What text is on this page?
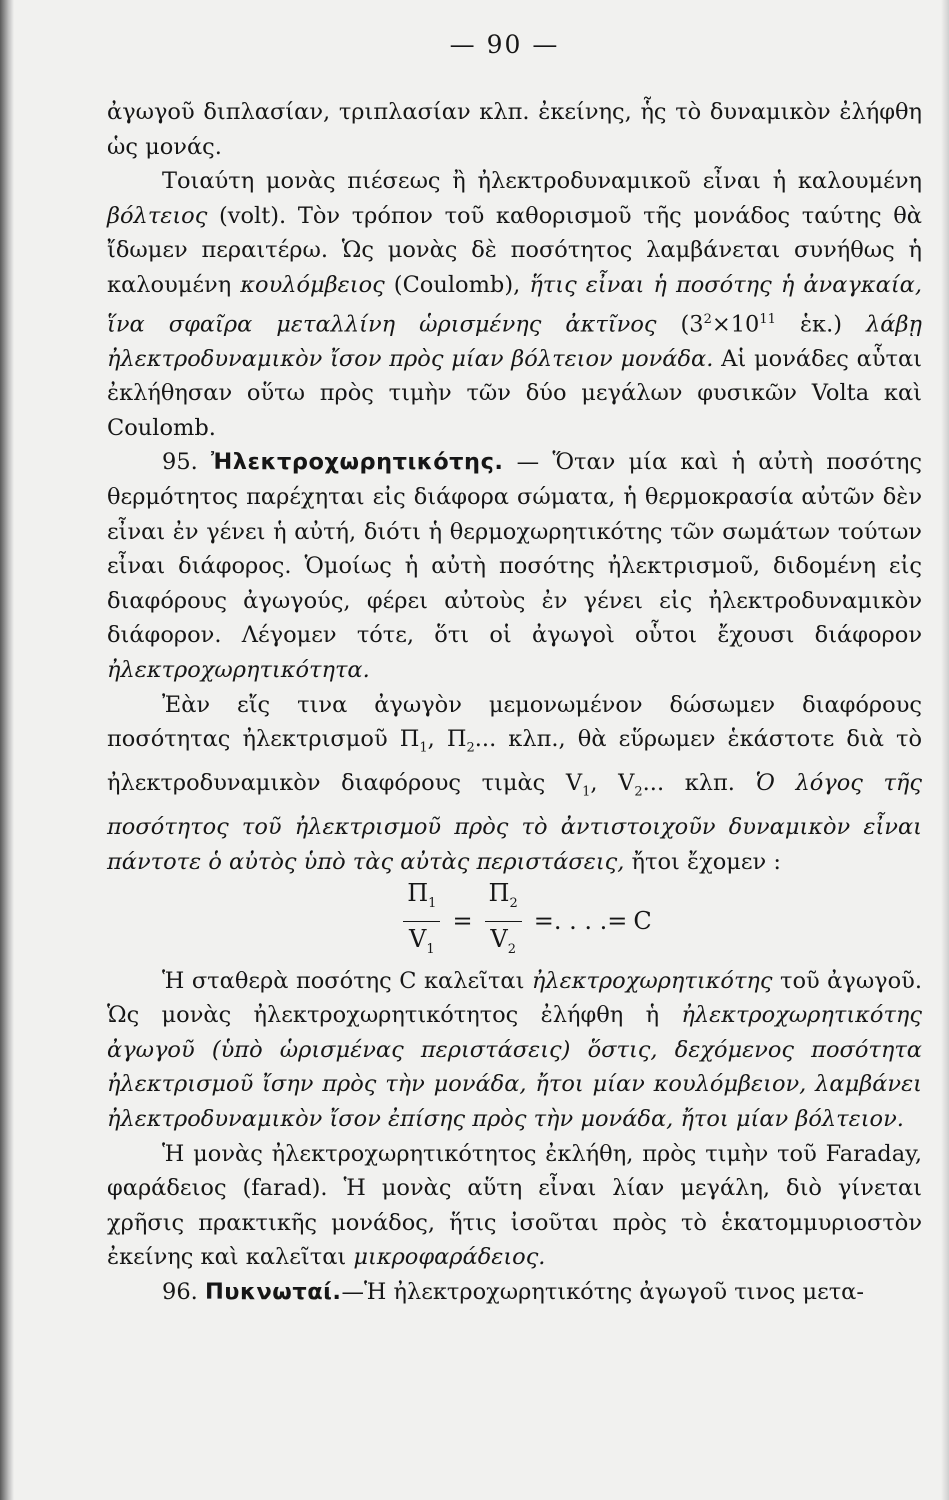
— 90 —

ἀγωγοῦ διπλασίαν, τριπλασίαν κλπ. ἐκείνης, ἧς τὸ δυναμικὸν ἐλήφθη ὡς μονάς.

Τοιαύτη μονὰς πιέσεως ἢ ἠλεκτροδυναμικοῦ εἶναι ἡ καλουμένη βόλτειος (volt). Τὸν τρόπον τοῦ καθορισμοῦ τῆς μονάδος ταύτης θὰ ἴδωμεν περαιτέρω. Ὡς μονὰς δὲ ποσότητος λαμβάνεται συνήθως ἡ καλουμένη κουλόμβειος (Coulomb), ἥτις εἶναι ἡ ποσότης ἡ ἀναγκαία, ἵνα σφαῖρα μεταλλίνη ὡρισμένης ἀκτῖνος ($3^2\times 10^{11}$ ἑκ.) λάβῃ ἠλεκτροδυναμικὸν ἴσον πρὸς μίαν βόλτειον μονάδα. Αἱ μονάδες αὗται ἐκλήθησαν οὕτω πρὸς τιμὴν τῶν δύο μεγάλων φυσικῶν Volta καὶ Coulomb.

95. Ἠλεκτροχωρητικότης. — Ὅταν μία καὶ ἡ αὐτὴ ποσότης θερμότητος παρέχηται εἰς διάφορα σώματα, ἡ θερμοκρασία αὐτῶν δὲν εἶναι ἐν γένει ἡ αὐτή, διότι ἡ θερμοχωρητικότης τῶν σωμάτων τούτων εἶναι διάφορος. Ὁμοίως ἡ αὐτὴ ποσότης ἠλεκτρισμοῦ, διδομένη εἰς διαφόρους ἀγωγούς, φέρει αὐτοὺς ἐν γένει εἰς ἠλεκτροδυναμικὸν διάφορον. Λέγομεν τότε, ὅτι οἱ ἀγωγοὶ οὗτοι ἔχουσι διάφορον ἠλεκτροχωρητικότητα.

Ἐὰν εἴς τινα ἀγωγὸν μεμονωμένον δώσωμεν διαφόρους ποσότητας ἠλεκτρισμοῦ $\Pi_1$, $\Pi_2$... κλπ., θὰ εὕρωμεν ἑκάστοτε διὰ τὸ ἠλεκτροδυναμικὸν διαφόρους τιμὰς $V_1$, $V_2$... κλπ. Ὁ λόγος τῆς ποσότητος τοῦ ἠλεκτρισμοῦ πρὸς τὸ ἀντιστοιχοῦν δυναμικὸν εἶναι πάντοτε ὁ αὐτὸς ὑπὸ τὰς αὐτὰς περιστάσεις, ἤτοι ἔχομεν :

$\frac{\Pi_1}{V_1} = \frac{\Pi_2}{V_2}$ =. . . .= C

Ἡ σταθερὰ ποσότης C καλεῖται ἠλεκτροχωρητικότης τοῦ ἀγωγοῦ. Ὡς μονὰς ἠλεκτροχωρητικότητος ἐλήφθη ἡ ἠλεκτροχωρητικότης ἀγωγοῦ (ὑπὸ ὡρισμένας περιστάσεις) ὅστις, δεχόμενος ποσότητα ἠλεκτρισμοῦ ἴσην πρὸς τὴν μονάδα, ἤτοι μίαν κουλόμβειον, λαμβάνει ἠλεκτροδυναμικὸν ἴσον ἐπίσης πρὸς τὴν μονάδα, ἤτοι μίαν βόλτειον.

Ἡ μονὰς ἠλεκτροχωρητικότητος ἐκλήθη, πρὸς τιμὴν τοῦ Faraday, φαράδειος (farad). Ἡ μονὰς αὕτη εἶναι λίαν μεγάλη, διὸ γίνεται χρῆσις πρακτικῆς μονάδος, ἥτις ἰσοῦται πρὸς τὸ ἑκατομμυριοστὸν ἐκείνης καὶ καλεῖται μικροφαράδειος.

96. Πυκνωταί.—Ἡ ἠλεκτροχωρητικότης ἀγωγοῦ τινος μετα-
